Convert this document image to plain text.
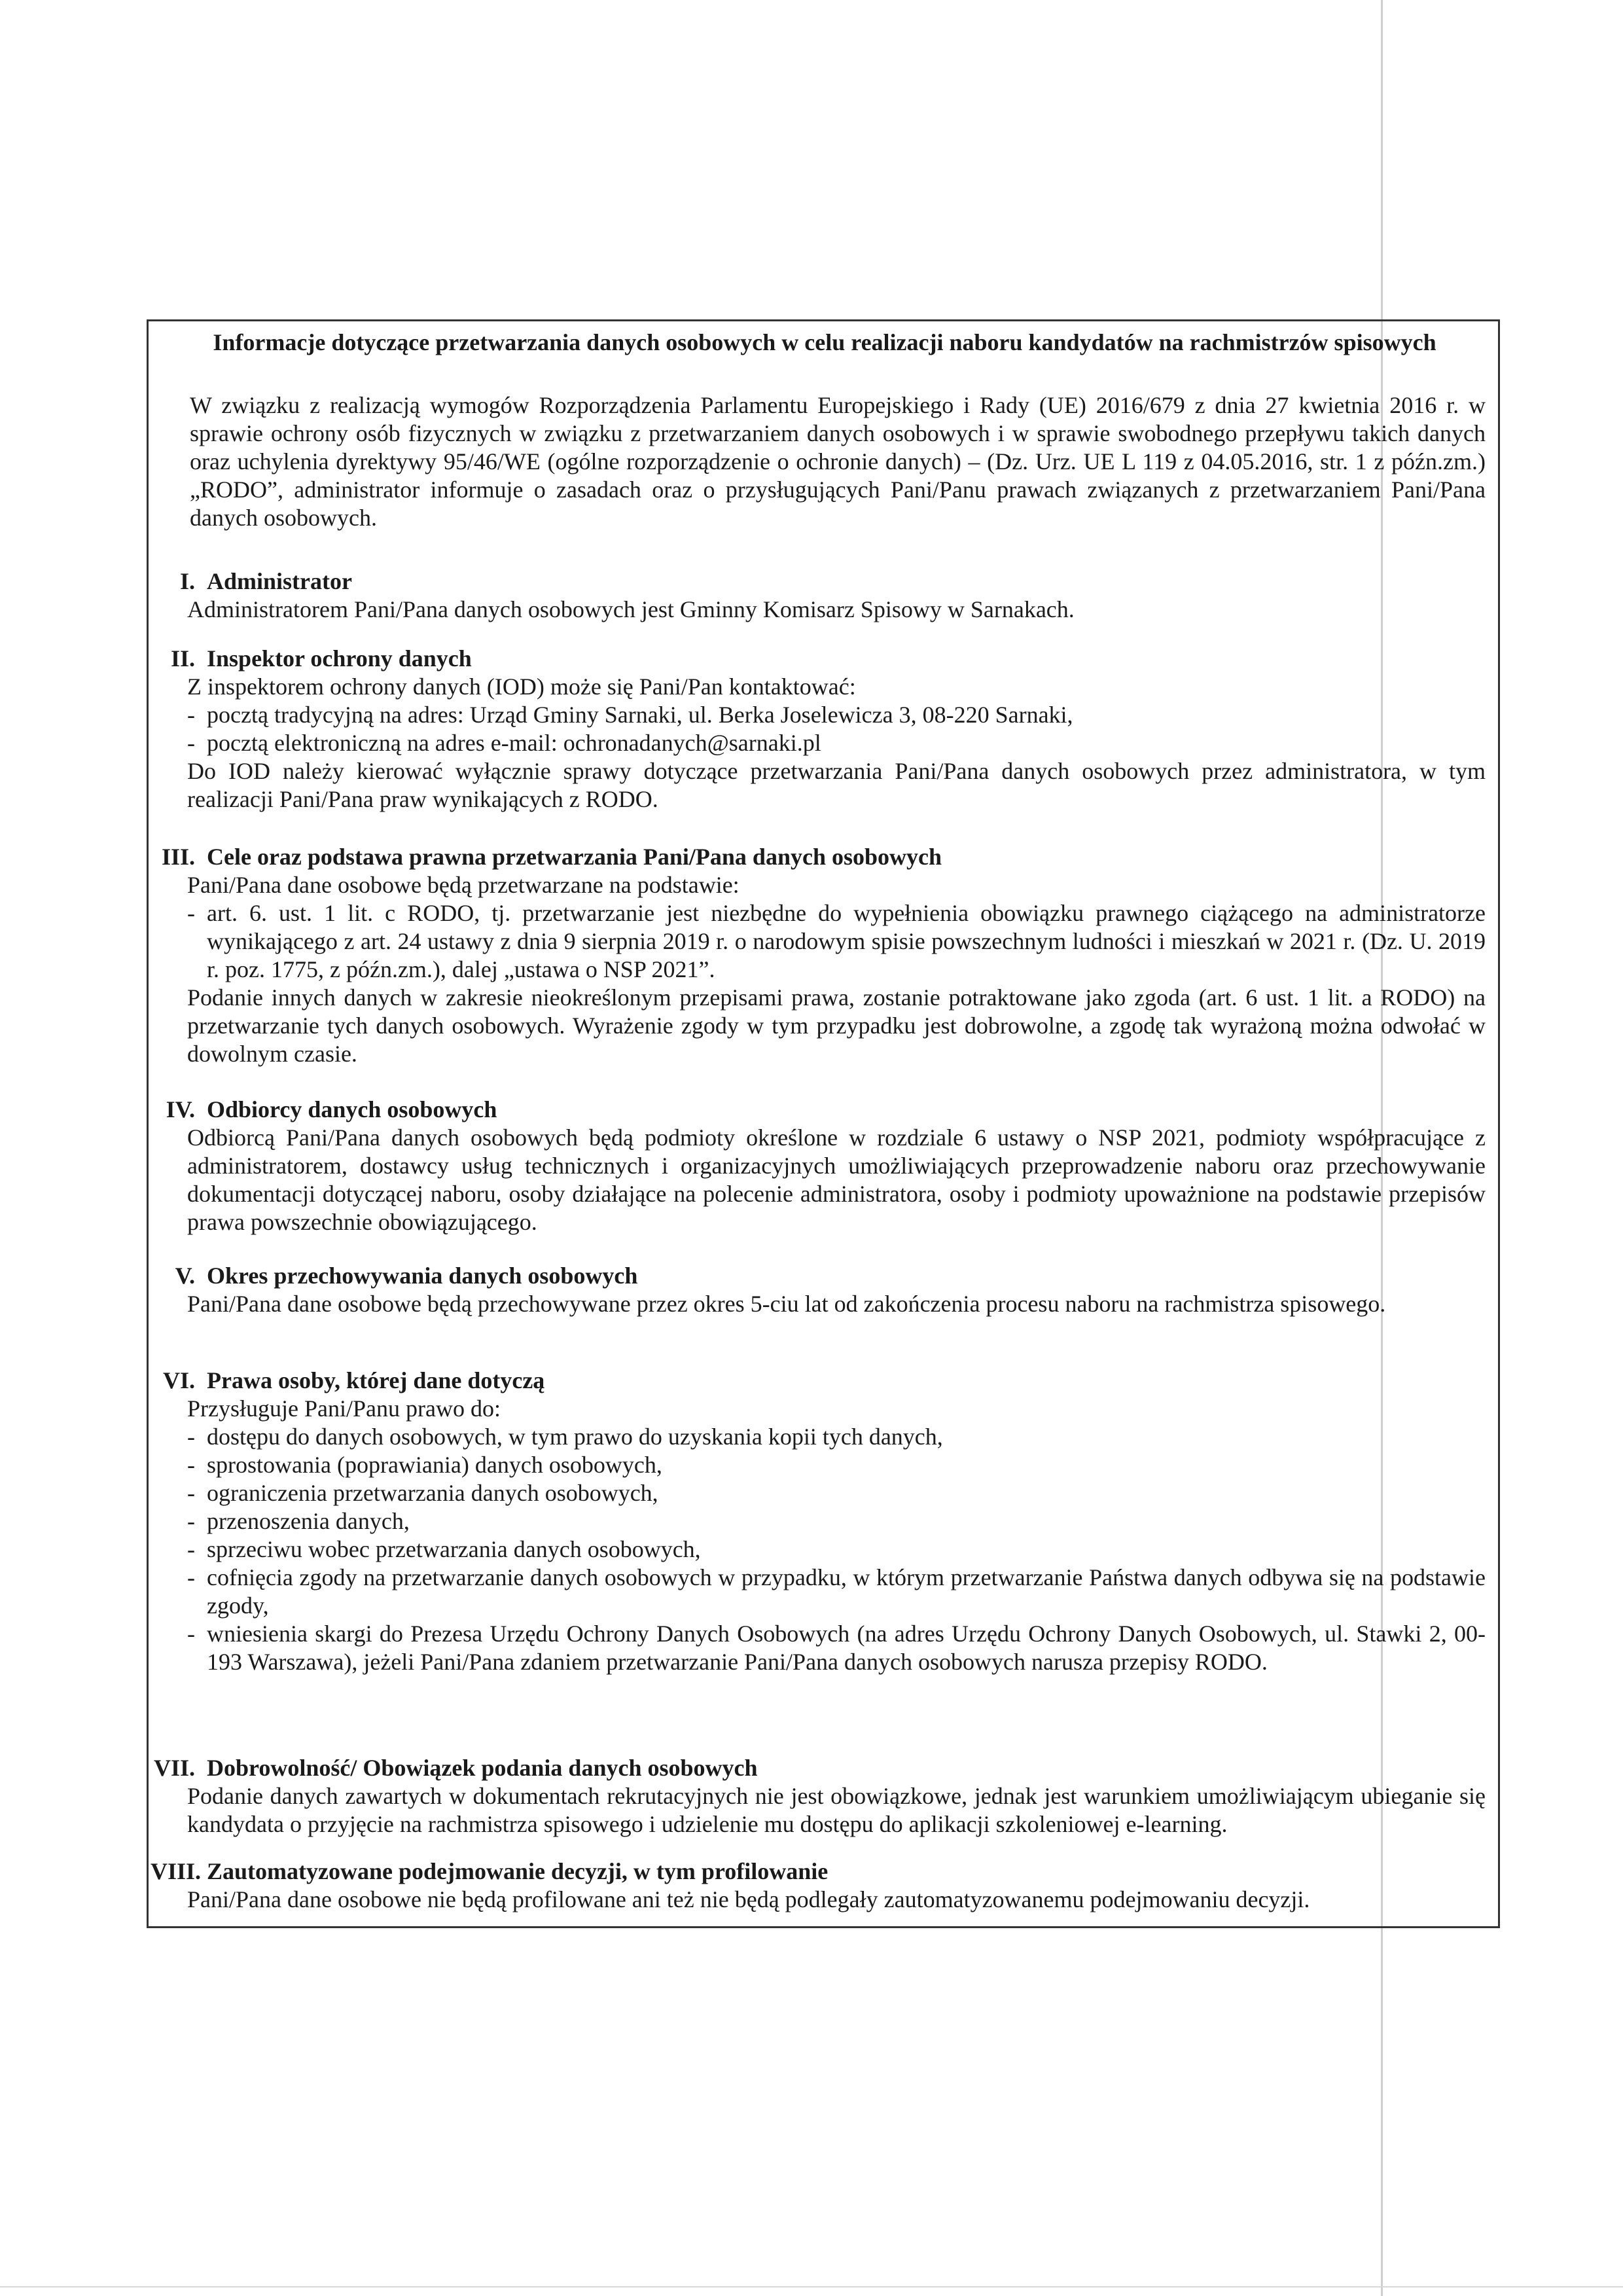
Informacje dotyczące przetwarzania danych osobowych w celu realizacji naboru kandydatów na rachmistrzów spisowych
W związku z realizacją wymogów Rozporządzenia Parlamentu Europejskiego i Rady (UE) 2016/679 z dnia 27 kwietnia 2016 r. w sprawie ochrony osób fizycznych w związku z przetwarzaniem danych osobowych i w sprawie swobodnego przepływu takich danych oraz uchylenia dyrektywy 95/46/WE (ogólne rozporządzenie o ochronie danych) – (Dz. Urz. UE L 119 z 04.05.2016, str. 1 z późn.zm.) „RODO”, administrator informuje o zasadach oraz o przysługujących Pani/Panu prawach związanych z przetwarzaniem Pani/Pana danych osobowych.
I. Administrator

Administratorem Pani/Pana danych osobowych jest Gminny Komisarz Spisowy w Sarnakach.

II. Inspektor ochrony danych

Z inspektorem ochrony danych (IOD) może się Pani/Pan kontaktować:

- pocztą tradycyjną na adres: Urząd Gminy Sarnaki, ul. Berka Joselewicza 3, 08-220 Sarnaki,
- pocztą elektroniczną na adres e-mail: ochronadanych@sarnaki.pl

Do IOD należy kierować wyłącznie sprawy dotyczące przetwarzania Pani/Pana danych osobowych przez administratora, w tym realizacji Pani/Pana praw wynikających z RODO.

III. Cele oraz podstawa prawna przetwarzania Pani/Pana danych osobowych

Pani/Pana dane osobowe będą przetwarzane na podstawie:

- art. 6. ust. 1 lit. c RODO, tj. przetwarzanie jest niezbędne do wypełnienia obowiązku prawnego ciążącego na administratorze wynikającego z art. 24 ustawy z dnia 9 sierpnia 2019 r. o narodowym spisie powszechnym ludności i mieszkań w 2021 r. (Dz. U. 2019 r. poz. 1775, z późn.zm.), dalej „ustawa o NSP 2021”.

Podanie innych danych w zakresie nieokreślonym przepisami prawa, zostanie potraktowane jako zgoda (art. 6 ust. 1 lit. a RODO) na przetwarzanie tych danych osobowych. Wyrażenie zgody w tym przypadku jest dobrowolne, a zgodę tak wyrażoną można odwołać w dowolnym czasie.

IV. Odbiorcy danych osobowych

Odbiorcą Pani/Pana danych osobowych będą podmioty określone w rozdziale 6 ustawy o NSP 2021, podmioty współpracujące z administratorem, dostawcy usług technicznych i organizacyjnych umożliwiających przeprowadzenie naboru oraz przechowywanie dokumentacji dotyczącej naboru, osoby działające na polecenie administratora, osoby i podmioty upoważnione na podstawie przepisów prawa powszechnie obowiązującego.

V. Okres przechowywania danych osobowych

Pani/Pana dane osobowe będą przechowywane przez okres 5-ciu lat od zakończenia procesu naboru na rachmistrza spisowego.

VI. Prawa osoby, której dane dotyczą

Przysługuje Pani/Panu prawo do:

- dostępu do danych osobowych, w tym prawo do uzyskania kopii tych danych,
- sprostowania (poprawiania) danych osobowych,
- ograniczenia przetwarzania danych osobowych,
- przenoszenia danych,
- sprzeciwu wobec przetwarzania danych osobowych,
- cofnięcia zgody na przetwarzanie danych osobowych w przypadku, w którym przetwarzanie Państwa danych odbywa się na podstawie zgody,
- wniesienia skargi do Prezesa Urzędu Ochrony Danych Osobowych (na adres Urzędu Ochrony Danych Osobowych, ul. Stawki 2, 00-193 Warszawa), jeżeli Pani/Pana zdaniem przetwarzanie Pani/Pana danych osobowych narusza przepisy RODO.
VII. Dobrowolność/ Obowiązek podania danych osobowych

Podanie danych zawartych w dokumentach rekrutacyjnych nie jest obowiązkowe, jednak jest warunkiem umożliwiającym ubieganie się kandydata o przyjęcie na rachmistrza spisowego i udzielenie mu dostępu do aplikacji szkoleniowej e-learning.

VIII. Zautomatyzowane podejmowanie decyzji, w tym profilowanie

Pani/Pana dane osobowe nie będą profilowane ani też nie będą podlegały zautomatyzowanemu podejmowaniu decyzji.
